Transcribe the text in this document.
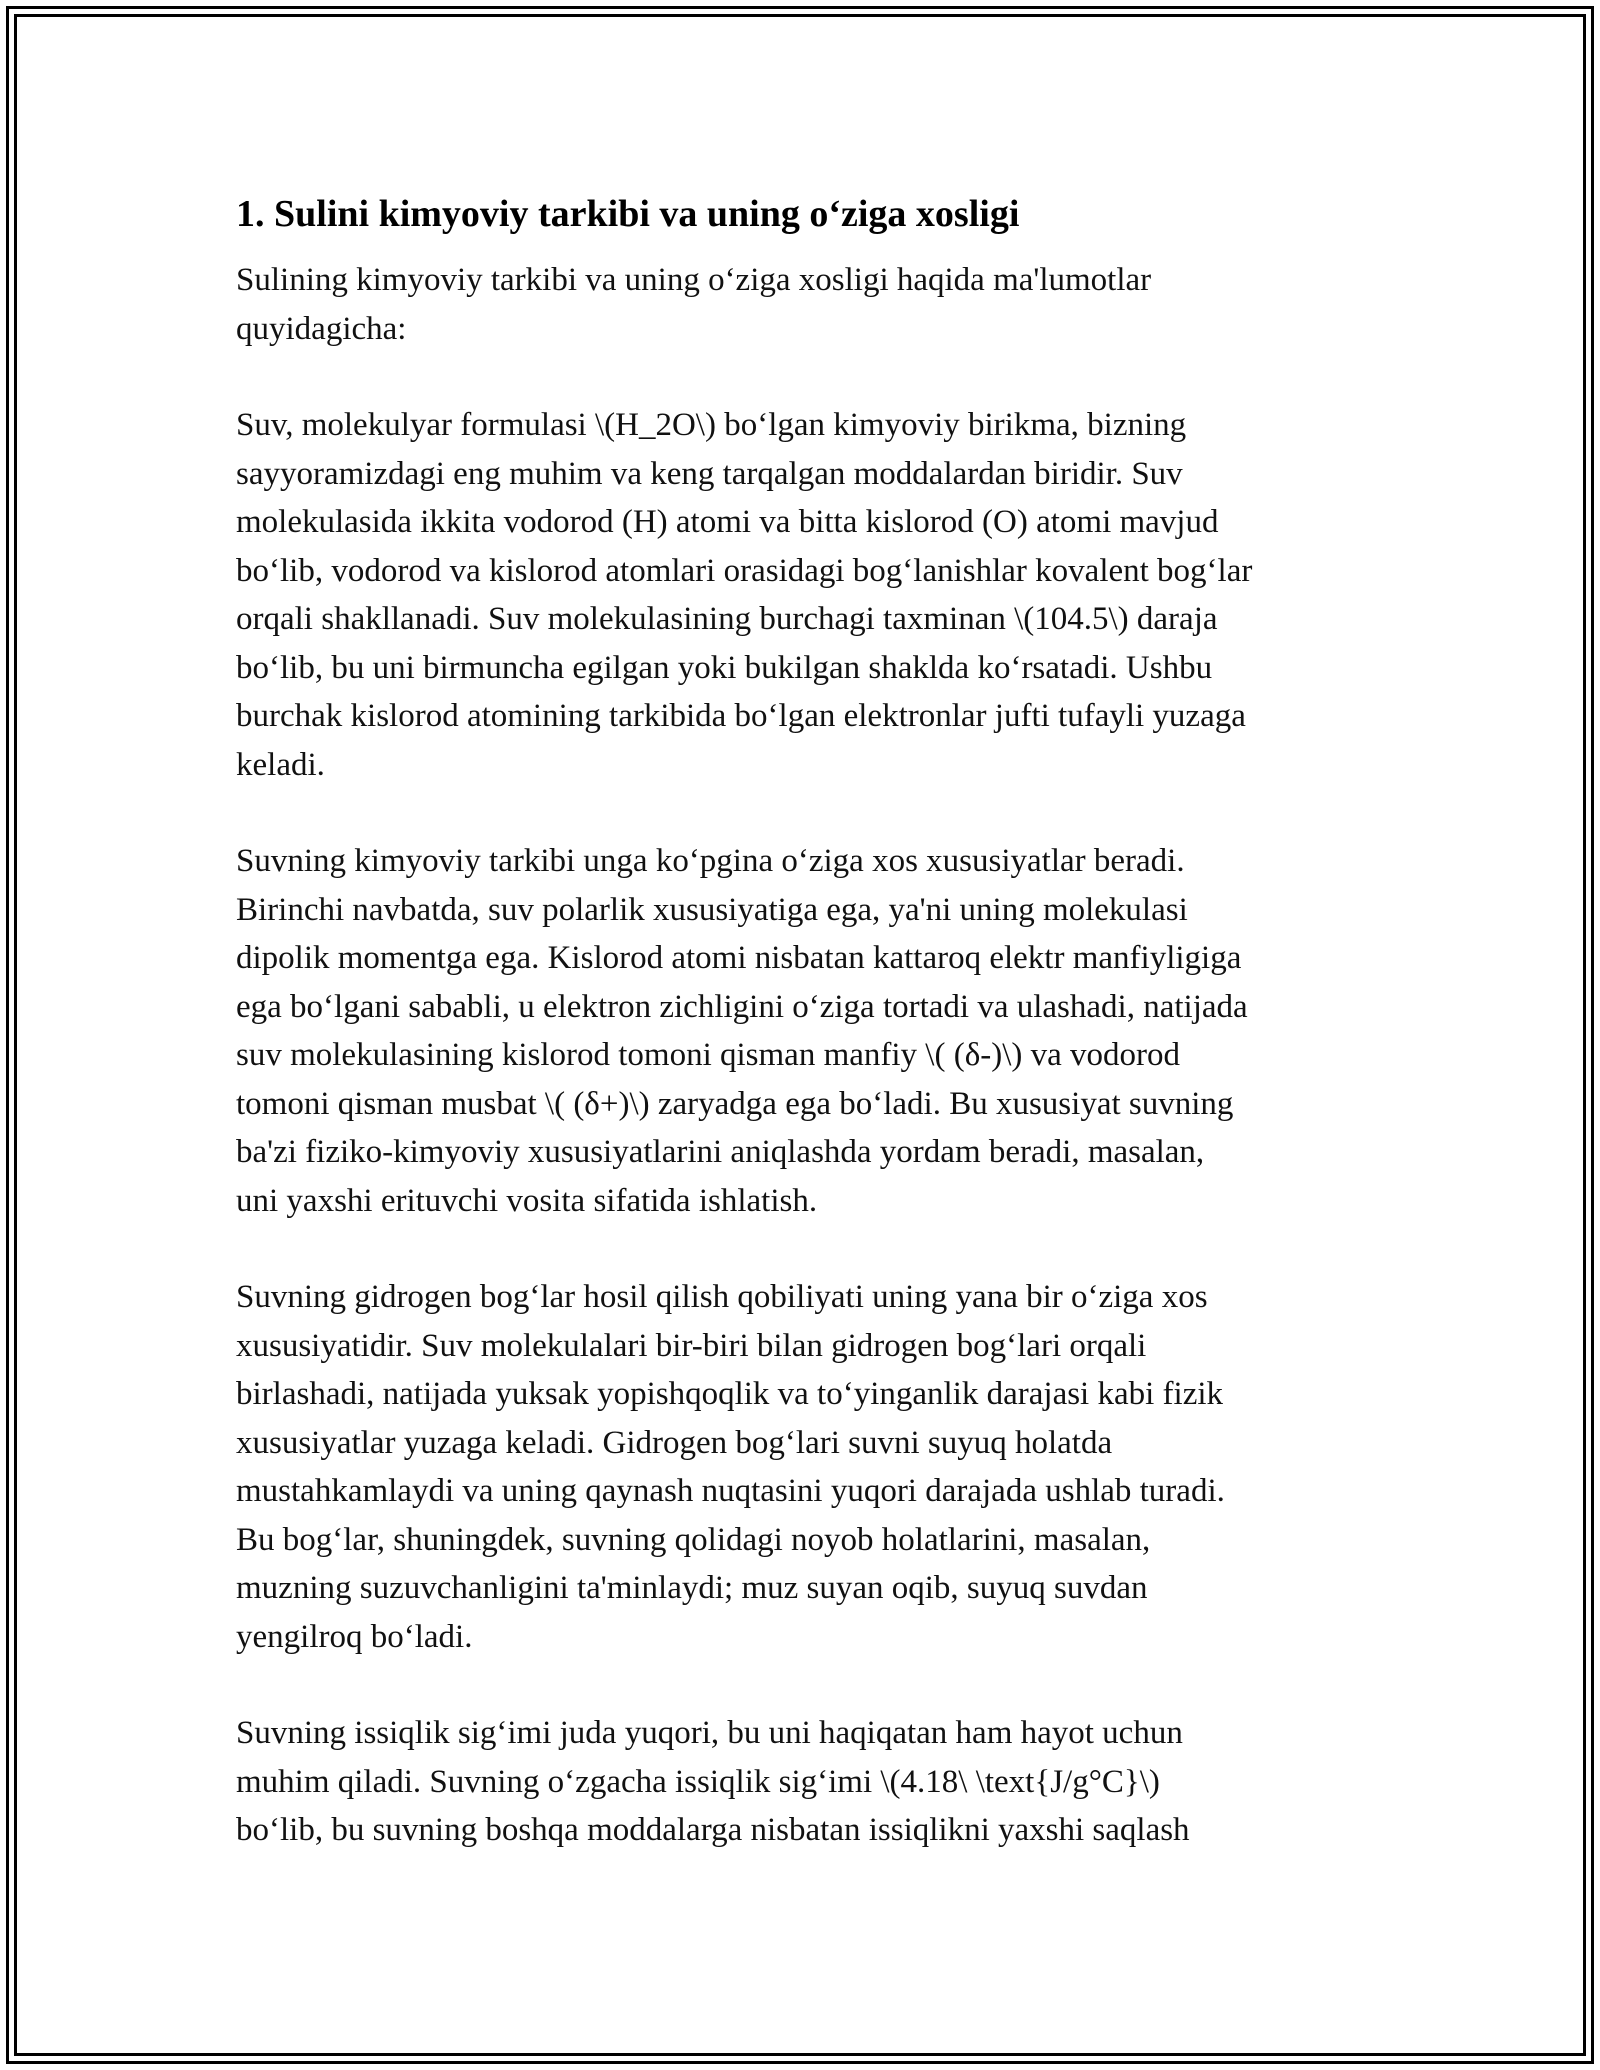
1. Sulini kimyoviy tarkibi va uning o‘ziga xosligi

Sulining kimyoviy tarkibi va uning o‘ziga xosligi haqida ma'lumotlar
quyidagicha:

Suv, molekulyar formulasi \(H_2O\) bo‘lgan kimyoviy birikma, bizning
sayyoramizdagi eng muhim va keng tarqalgan moddalardan biridir. Suv
molekulasida ikkita vodorod (H) atomi va bitta kislorod (O) atomi mavjud
bo‘lib, vodorod va kislorod atomlari orasidagi bog‘lanishlar kovalent bog‘lar
orqali shakllanadi. Suv molekulasining burchagi taxminan \(104.5\) daraja
bo‘lib, bu uni birmuncha egilgan yoki bukilgan shakldа ko‘rsatadi. Ushbu
burchak kislorod atomining tarkibida bo‘lgan elektronlar jufti tufayli yuzaga
keladi.

Suvning kimyoviy tarkibi unga ko‘pgina o‘ziga xos xususiyatlar beradi.
Birinchi navbatda, suv polarlik xususiyatiga ega, ya'ni uning molekulasi
dipolik momentga ega. Kislorod atomi nisbatan kattaroq elektr manfiyligiga
ega bo‘lgani sababli, u elektron zichligini o‘ziga tortadi va ulashadi, natijada
suv molekulasining kislorod tomoni qisman manfiy \( (δ-)\) va vodorod
tomoni qisman musbat \( (δ+)\) zaryadga ega bo‘ladi. Bu xususiyat suvning
ba'zi fiziko-kimyoviy xususiyatlarini aniqlashda yordam beradi, masalan,
uni yaxshi erituvchi vosita sifatida ishlatish.

Suvning gidrogen bog‘lar hosil qilish qobiliyati uning yana bir o‘ziga xos
xususiyatidir. Suv molekulalari bir-biri bilan gidrogen bog‘lari orqali
birlashadi, natijada yuksak yopishqoqlik va to‘yinganlik darajasi kabi fizik
xususiyatlar yuzaga keladi. Gidrogen bog‘lari suvni suyuq holatda
mustahkamlaydi va uning qaynash nuqtasini yuqori darajada ushlab turadi.
Bu bog‘lar, shuningdek, suvning qolidagi noyob holatlarini, masalan,
muzning suzuvchanligini ta'minlaydi; muz suyan oqib, suyuq suvdan
yengilroq bo‘ladi.

Suvning issiqlik sig‘imi juda yuqori, bu uni haqiqatan ham hayot uchun
muhim qiladi. Suvning o‘zgacha issiqlik sig‘imi \(4.18\ \text{J/g°C}\)
bo‘lib, bu suvning boshqa moddalarga nisbatan issiqlikni yaxshi saqlash
